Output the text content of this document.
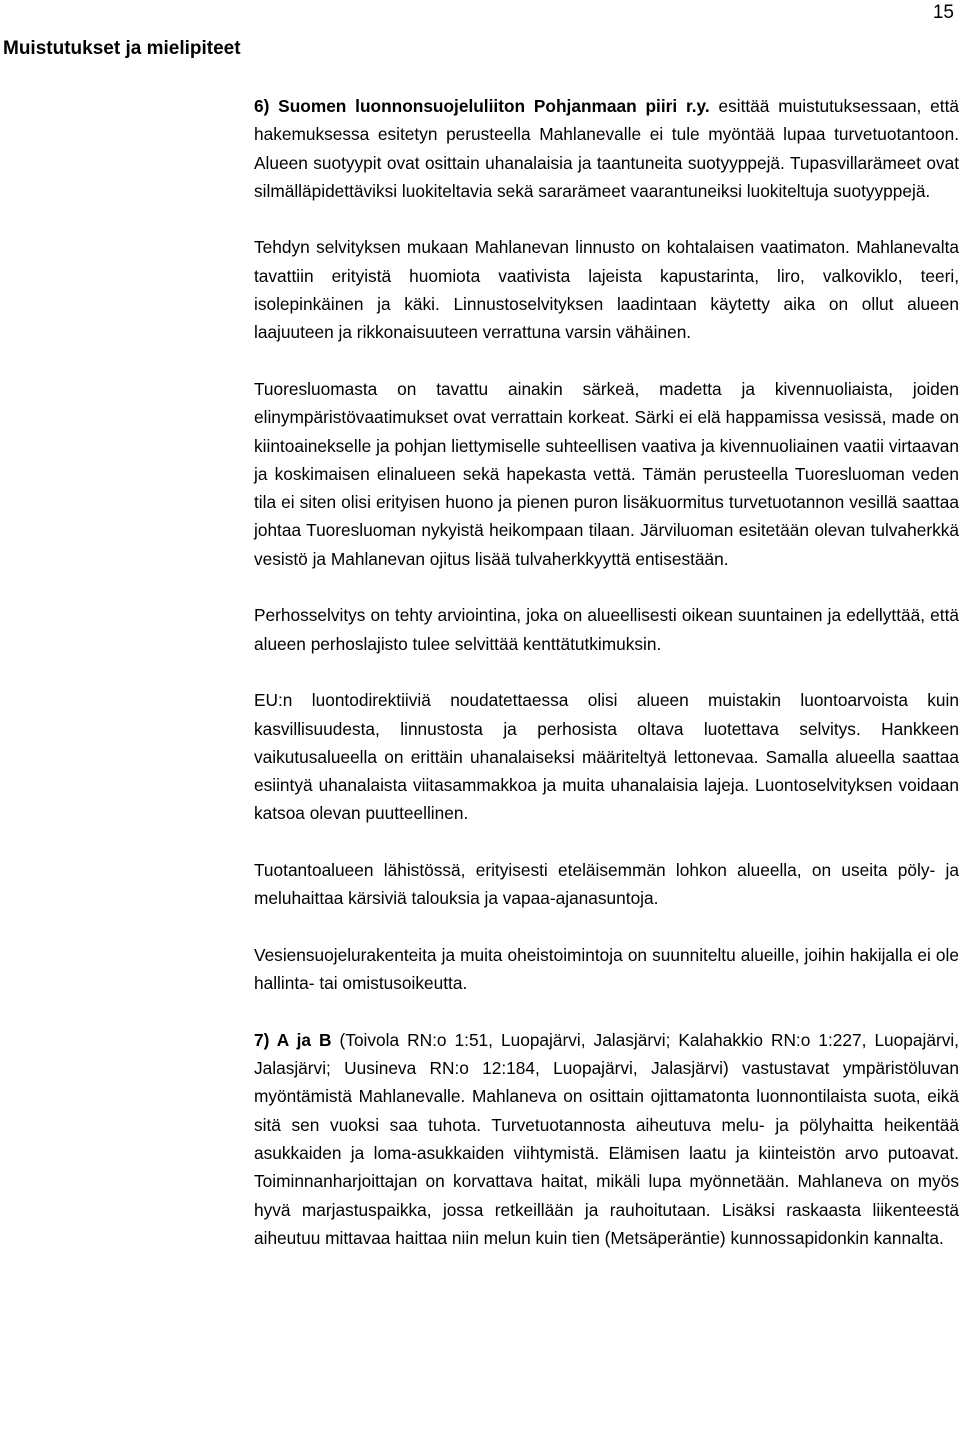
15
Muistutukset ja mielipiteet

6) Suomen luonnonsuojeluliiton Pohjanmaan piiri r.y. esittää muistutuksessaan, että hakemuksessa esitetyn perusteella Mahlanevalle ei tule myöntää lupaa turvetuotantoon. Alueen suotyypit ovat osittain uhanalaisia ja taantuneita suotyyppejä. Tupasvillarämeet ovat silmälläpidettäviksi luokiteltavia sekä sararämeet vaarantuneiksi luokiteltuja suotyyppejä.

Tehdyn selvityksen mukaan Mahlanevan linnusto on kohtalaisen vaatimaton. Mahlanevalta tavattiin erityistä huomiota vaativista lajeista kapustarinta, liro, valkoviklo, teeri, isolepinkäinen ja käki. Linnustoselvityksen laadintaan käytetty aika on ollut alueen laajuuteen ja rikkonaisuuteen verrattuna varsin vähäinen.

Tuoresluomasta on tavattu ainakin särkeä, madetta ja kivennuoliaista, joiden elinympäristövaatimukset ovat verrattain korkeat. Särki ei elä happamissa vesissä, made on kiintoainekselle ja pohjan liettymiselle suhteellisen vaativa ja kivennuoliainen vaatii virtaavan ja koskimaisen elinalueen sekä hapekasta vettä. Tämän perusteella Tuoresluoman veden tila ei siten olisi erityisen huono ja pienen puron lisäkuormitus turvetuotannon vesillä saattaa johtaa Tuoresluoman nykyistä heikompaan tilaan. Järviluoman esitetään olevan tulvaherkkä vesistö ja Mahlanevan ojitus lisää tulvaherkkyyttä entisestään.

Perhosselvitys on tehty arviointina, joka on alueellisesti oikean suuntainen ja edellyttää, että alueen perhoslajisto tulee selvittää kenttätutkimuksin.

EU:n luontodirektiiviä noudatettaessa olisi alueen muistakin luontoarvoista kuin kasvillisuudesta, linnustosta ja perhosista oltava luotettava selvitys. Hankkeen vaikutusalueella on erittäin uhanalaiseksi määriteltyä lettonevaa. Samalla alueella saattaa esiintyä uhanalaista viitasammakkoa ja muita uhanalaisia lajeja. Luontoselvityksen voidaan katsoa olevan puutteellinen.

Tuotantoalueen lähistössä, erityisesti eteläisemmän lohkon alueella, on useita pöly- ja meluhaittaa kärsiviä talouksia ja vapaa-ajanasuntoja.

Vesiensuojelurakenteita ja muita oheistoimintoja on suunniteltu alueille, joihin hakijalla ei ole hallinta- tai omistusoikeutta.

7) A ja B (Toivola RN:o 1:51, Luopajärvi, Jalasjärvi; Kalahakkio RN:o 1:227, Luopajärvi, Jalasjärvi; Uusineva RN:o 12:184, Luopajärvi, Jalasjärvi) vastustavat ympäristöluvan myöntämistä Mahlanevalle. Mahlaneva on osittain ojittamatonta luonnontilaista suota, eikä sitä sen vuoksi saa tuhota. Turvetuotannosta aiheutuva melu- ja pölyhaitta heikentää asukkaiden ja loma-asukkaiden viihtymistä. Elämisen laatu ja kiinteistön arvo putoavat. Toiminnanharjoittajan on korvattava haitat, mikäli lupa myönnetään. Mahlaneva on myös hyvä marjastuspaikka, jossa retkeillään ja rauhoitutaan. Lisäksi raskaasta liikenteestä aiheutuu mittavaa haittaa niin melun kuin tien (Metsäperäntie) kunnossapidonkin kannalta.
